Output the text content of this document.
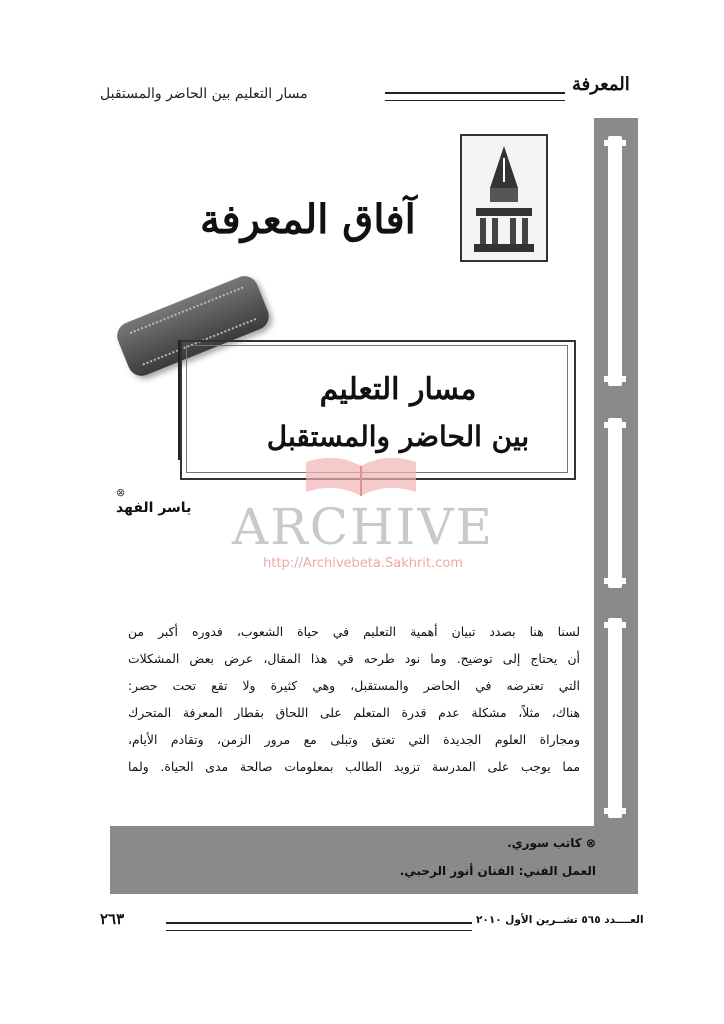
مسار التعليم بين الحاضر والمستقبل	المعرفة
آفاق المعرفة
مسار التعليم
بين الحاضر والمستقبل
ARCHIVE
http://Archivebeta.Sakhrit.com
⊗
ياسر الفهد
لسنا هنا بصدد تبيان أهمية التعليم في حياة الشعوب، فدوره أكبر من
أن يحتاج إلى توضيح. وما نود طرحه في هذا المقال، عرض بعض المشكلات
التي تعترضه في الحاضر والمستقبل، وهي كثيرة ولا تقع تحت حصر:
هناك، مثلاً، مشكلة عدم قدرة المتعلم على اللحاق بقطار المعرفة المتحرك
ومجاراة العلوم الجديدة التي تعتق وتبلى مع مرور الزمن، وتقادم الأيام،
مما يوجب على المدرسة تزويد الطالب بمعلومات صالحة مدى الحياة. ولما
⊗ كاتب سوري.
العمل الفني: الفنان أنور الرحبي.
العــــدد ٥٦٥ تشــرين الأول ٢٠١٠
٢٦٣
